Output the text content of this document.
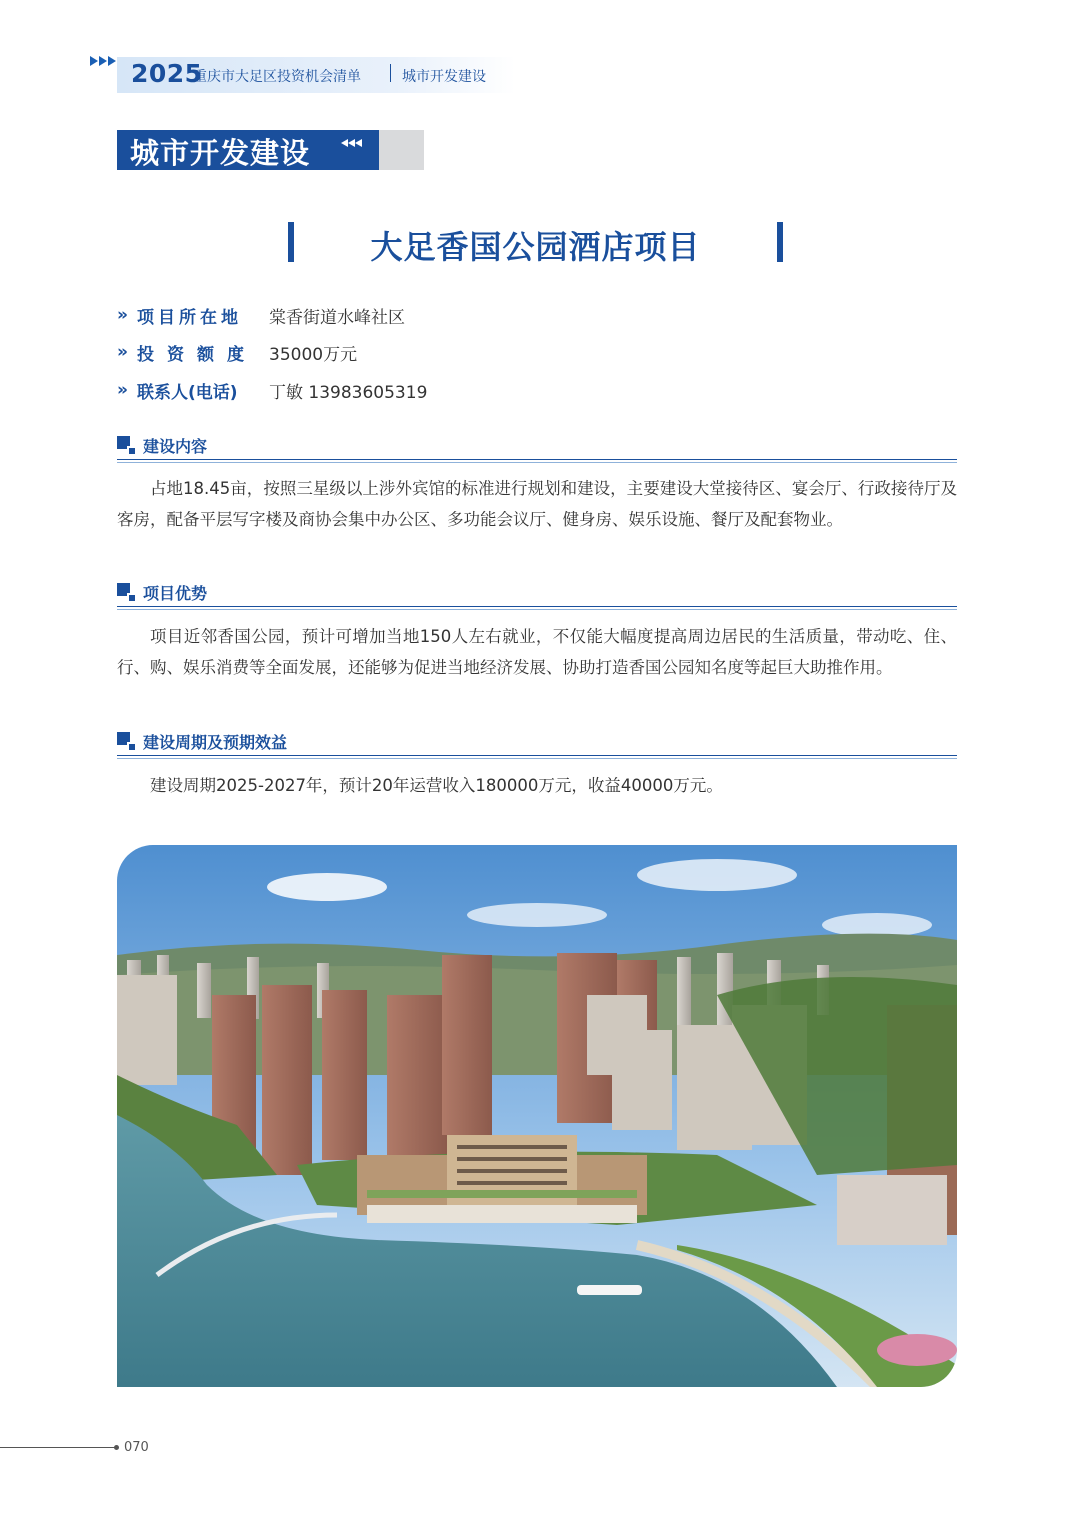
2025
重庆市大足区投资机会清单	城市开发建设
城市开发建设
大足香国公园酒店项目
» 项目所在地	棠香街道水峰社区
» 投资额度 35000万元
» 联系人(电话)	丁敏 13983605319
建设内容
占地18.45亩，按照三星级以上涉外宾馆的标准进行规划和建设，主要建设大堂接待区、宴会厅、行政接待厅及客房，配备平层写字楼及商协会集中办公区、多功能会议厅、健身房、娱乐设施、餐厅及配套物业。
项目优势
项目近邻香国公园，预计可增加当地150人左右就业，不仅能大幅度提高周边居民的生活质量，带动吃、住、行、购、娱乐消费等全面发展，还能够为促进当地经济发展、协助打造香国公园知名度等起巨大助推作用。
建设周期及预期效益
建设周期2025-2027年，预计20年运营收入180000万元，收益40000万元。
070
